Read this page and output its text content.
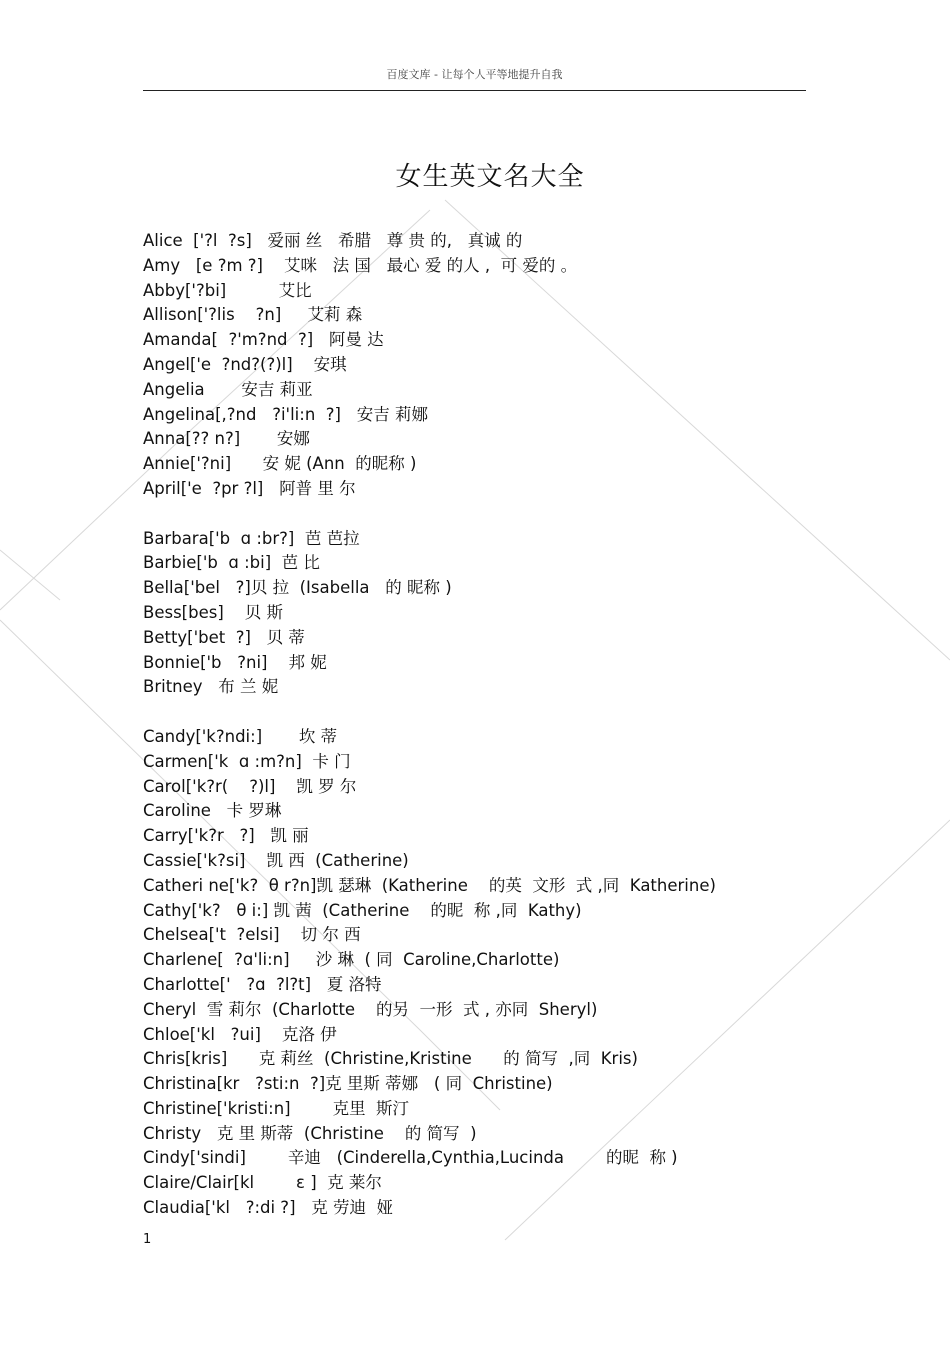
百度文库 - 让每个人平等地提升自我
女生英文名大全
Alice  ['?l  ?s]   爱丽 丝   希腊   尊 贵 的,   真诚 的
Amy   [e ?m ?]    艾咪   法 国   最心 爱 的人 ,  可 爱的 。
Abby['?bi]          艾比
Allison['?lis    ?n]     艾莉 森
Amanda[  ?'m?nd  ?]   阿曼 达
Angel['e  ?nd?(?)l]    安琪
Angelia       安吉 莉亚
Angelina[,?nd   ?i'li:n  ?]   安吉 莉娜
Anna[?? n?]       安娜
Annie['?ni]      安 妮 (Ann  的昵称 )
April['e  ?pr ?l]   阿普 里 尔
Barbara['b  ɑ :br?]  芭 芭拉
Barbie['b  ɑ :bi]  芭 比
Bella['bel   ?]贝 拉  (Isabella   的 昵称 )
Bess[bes]    贝 斯
Betty['bet  ?]   贝 蒂
Bonnie['b   ?ni]    邦 妮
Britney   布 兰 妮
Candy['k?ndi:]       坎 蒂
Carmen['k  ɑ :m?n]  卡 门
Carol['k?r(    ?)l]    凯 罗 尔
Caroline   卡 罗琳
Carry['k?r   ?]   凯 丽
Cassie['k?si]    凯 西  (Catherine)
Catheri ne['k?  θ r?n]凯 瑟琳  (Katherine    的英  文形  式 ,同  Katherine)
Cathy['k?   θ i:] 凯 茜  (Catherine    的昵  称 ,同  Kathy)
Chelsea['t  ?elsi]    切 尔 西
Charlene[  ?ɑ'li:n]     沙 琳  ( 同  Caroline,Charlotte)
Charlotte['   ?ɑ  ?l?t]   夏 洛特
Cheryl  雪 莉尔  (Charlotte    的另  一形  式 , 亦同  Sheryl)
Chloe['kl   ?ui]    克洛 伊
Chris[kris]      克 莉丝  (Christine,Kristine      的 简写  ,同  Kris)
Christina[kr   ?sti:n  ?]克 里斯 蒂娜   ( 同  Christine)
Christine['kristi:n]        克里  斯汀
Christy   克 里 斯蒂  (Christine    的 简写  )
Cindy['sindi]        辛迪   (Cinderella,Cynthia,Lucinda        的昵  称 )
Claire/Clair[kl        ɛ ]  克 莱尔
Claudia['kl   ?:di ?]   克 劳迪  娅
1
